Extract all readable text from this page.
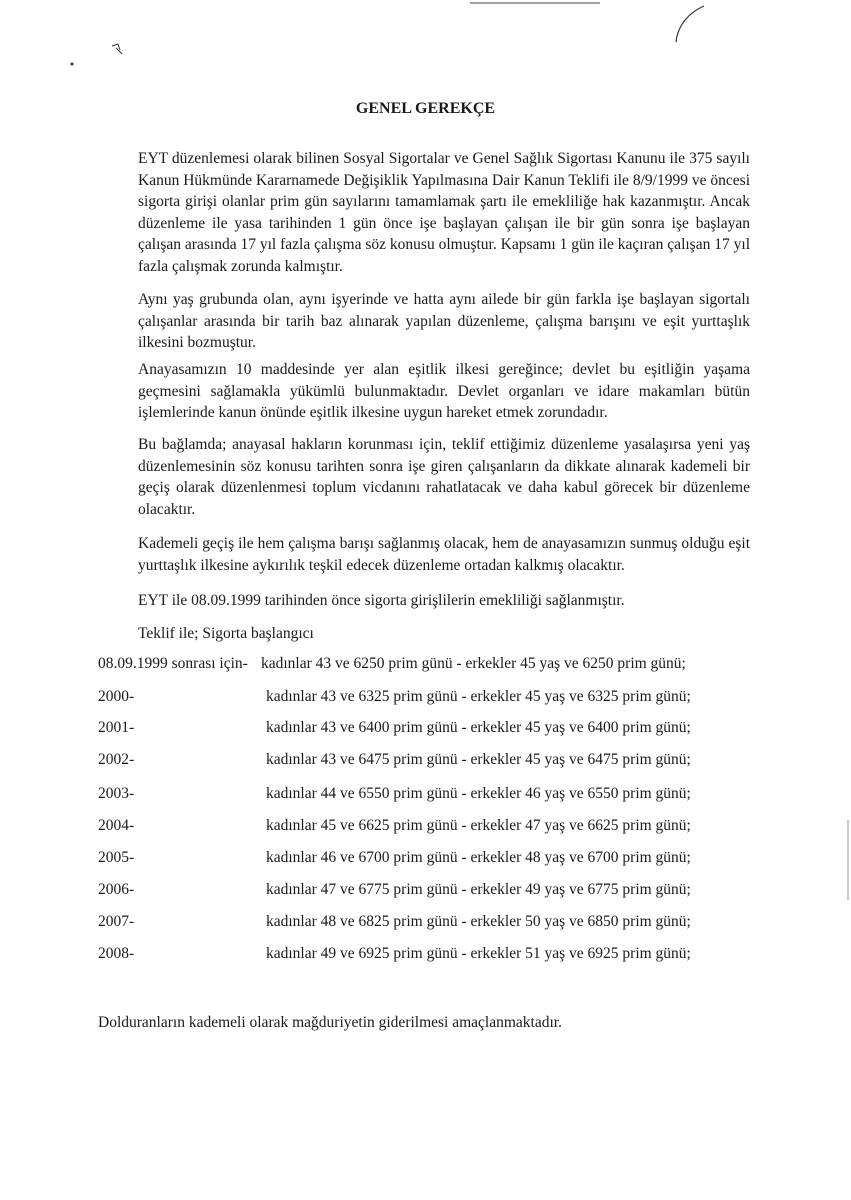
GENEL GEREKÇE
EYT düzenlemesi olarak bilinen Sosyal Sigortalar ve Genel Sağlık Sigortası Kanunu ile 375 sayılı Kanun Hükmünde Kararnamede Değişiklik Yapılmasına Dair Kanun Teklifi ile 8/9/1999 ve öncesi sigorta girişi olanlar prim gün sayılarını tamamlamak şartı ile emekliliğe hak kazanmıştır. Ancak düzenleme ile yasa tarihinden 1 gün önce işe başlayan çalışan ile bir gün sonra işe başlayan çalışan arasında 17 yıl fazla çalışma söz konusu olmuştur. Kapsamı 1 gün ile kaçıran çalışan 17 yıl fazla çalışmak zorunda kalmıştır.
Aynı yaş grubunda olan, aynı işyerinde ve hatta aynı ailede bir gün farkla işe başlayan sigortalı çalışanlar arasında bir tarih baz alınarak yapılan düzenleme, çalışma barışını ve eşit yurttaşlık ilkesini bozmuştur.
Anayasamızın 10 maddesinde yer alan eşitlik ilkesi gereğince; devlet bu eşitliğin yaşama geçmesini sağlamakla yükümlü bulunmaktadır. Devlet organları ve idare makamları bütün işlemlerinde kanun önünde eşitlik ilkesine uygun hareket etmek zorundadır.
Bu bağlamda; anayasal hakların korunması için, teklif ettiğimiz düzenleme yasalaşırsa yeni yaş düzenlemesinin söz konusu tarihten sonra işe giren çalışanların da dikkate alınarak kademeli bir geçiş olarak düzenlenmesi toplum vicdanını rahatlatacak ve daha kabul görecek bir düzenleme olacaktır.
Kademeli geçiş ile hem çalışma barışı sağlanmış olacak, hem de anayasamızın sunmuş olduğu eşit yurttaşlık ilkesine aykırılık teşkil edecek düzenleme ortadan kalkmış olacaktır.
EYT ile 08.09.1999 tarihinden önce sigorta girişlilerin emekliliği sağlanmıştır.
Teklif ile; Sigorta başlangıcı
08.09.1999 sonrası için- kadınlar 43 ve 6250 prim günü - erkekler 45 yaş ve 6250 prim günü;
2000-	kadınlar 43 ve 6325 prim günü - erkekler 45 yaş ve 6325 prim günü;
2001-	kadınlar 43 ve 6400 prim günü - erkekler 45 yaş ve 6400 prim günü;
2002-	kadınlar 43 ve 6475 prim günü - erkekler 45 yaş ve 6475 prim günü;
2003-	kadınlar 44 ve 6550 prim günü - erkekler 46 yaş ve 6550 prim günü;
2004-	kadınlar 45 ve 6625 prim günü - erkekler 47 yaş ve 6625 prim günü;
2005-	kadınlar 46 ve 6700 prim günü - erkekler 48 yaş ve 6700 prim günü;
2006-	kadınlar 47 ve 6775 prim günü - erkekler 49 yaş ve 6775 prim günü;
2007-	kadınlar 48 ve 6825 prim günü - erkekler 50 yaş ve 6850 prim günü;
2008-	kadınlar 49 ve 6925 prim günü - erkekler 51 yaş ve 6925 prim günü;
Dolduranların kademeli olarak mağduriyetin giderilmesi amaçlanmaktadır.
